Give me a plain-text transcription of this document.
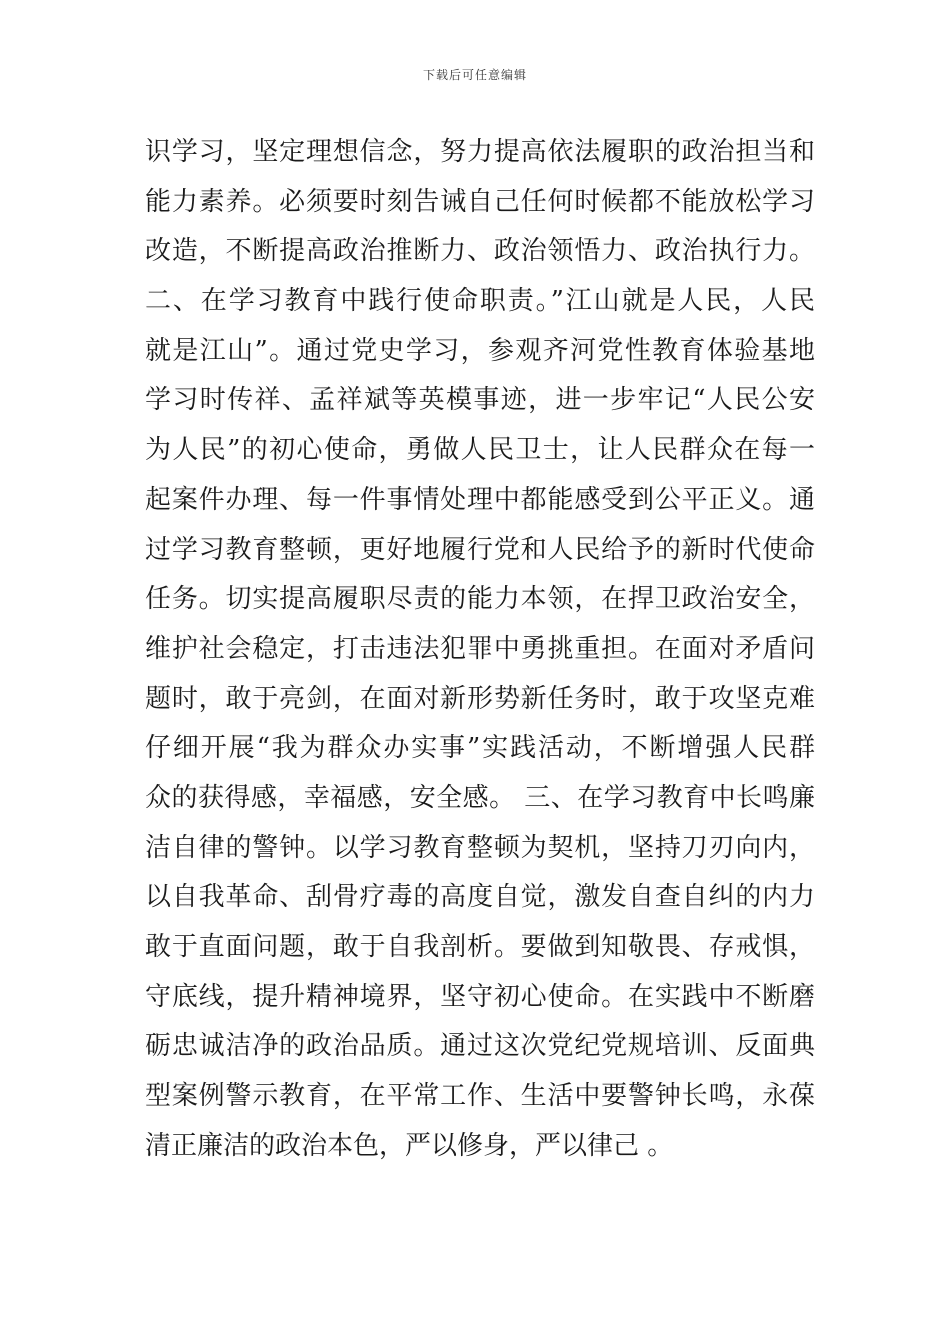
下载后可任意编辑
识学习，坚定理想信念，努力提高依法履职的政治担当和
能力素养。必须要时刻告诫自己任何时候都不能放松学习
改造，不断提高政治推断力、政治领悟力、政治执行力。
二、在学习教育中践行使命职责。”江山就是人民，人民
就是江山”。通过党史学习，参观齐河党性教育体验基地
学习时传祥、孟祥斌等英模事迹，进一步牢记“人民公安
为人民”的初心使命，勇做人民卫士，让人民群众在每一
起案件办理、每一件事情处理中都能感受到公平正义。通
过学习教育整顿，更好地履行党和人民给予的新时代使命
任务。切实提高履职尽责的能力本领，在捍卫政治安全，
维护社会稳定，打击违法犯罪中勇挑重担。在面对矛盾问
题时，敢于亮剑，在面对新形势新任务时，敢于攻坚克难
仔细开展“我为群众办实事”实践活动，不断增强人民群
众的获得感，幸福感，安全感。 三、在学习教育中长鸣廉
洁自律的警钟。以学习教育整顿为契机，坚持刀刃向内，
以自我革命、刮骨疗毒的高度自觉，激发自查自纠的内力
敢于直面问题，敢于自我剖析。要做到知敬畏、存戒惧，
守底线，提升精神境界，坚守初心使命。在实践中不断磨
砺忠诚洁净的政治品质。通过这次党纪党规培训、反面典
型案例警示教育，在平常工作、生活中要警钟长鸣，永葆
清正廉洁的政治本色，严以修身，严以律己 。
